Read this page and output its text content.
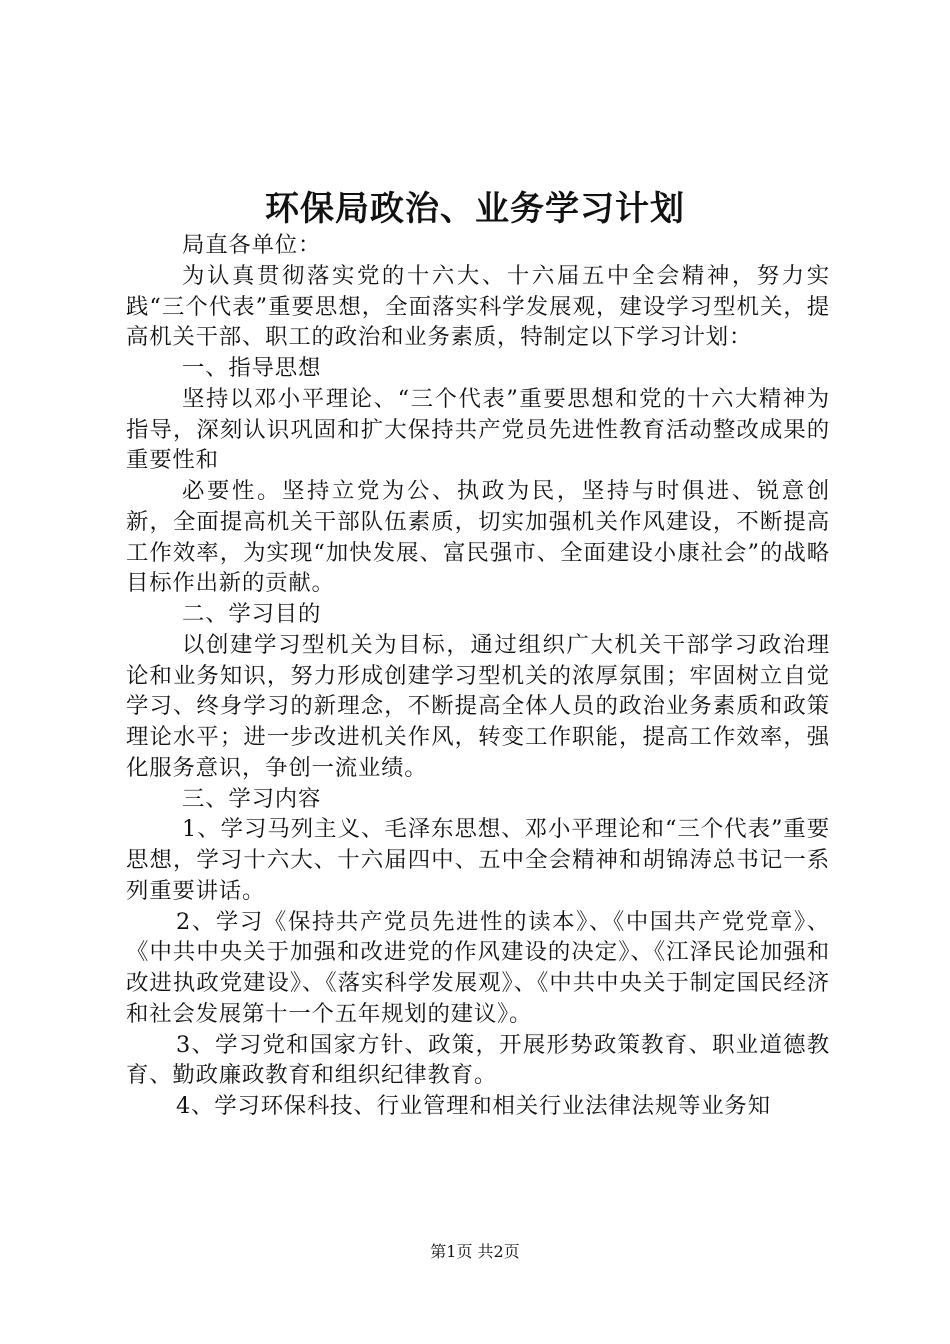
环保局政治、业务学习计划

局直各单位：

为认真贯彻落实党的十六大、十六届五中全会精神，努力实践“三个代表”重要思想，全面落实科学发展观，建设学习型机关，提高机关干部、职工的政治和业务素质，特制定以下学习计划：

一、指导思想

坚持以邓小平理论、“三个代表”重要思想和党的十六大精神为指导，深刻认识巩固和扩大保持共产党员先进性教育活动整改成果的重要性和

必要性。坚持立党为公、执政为民，坚持与时俱进、锐意创新，全面提高机关干部队伍素质，切实加强机关作风建设，不断提高工作效率，为实现“加快发展、富民强市、全面建设小康社会”的战略目标作出新的贡献。

二、学习目的

以创建学习型机关为目标，通过组织广大机关干部学习政治理论和业务知识，努力形成创建学习型机关的浓厚氛围；牢固树立自觉学习、终身学习的新理念，不断提高全体人员的政治业务素质和政策理论水平；进一步改进机关作风，转变工作职能，提高工作效率，强化服务意识，争创一流业绩。

三、学习内容

1、学习马列主义、毛泽东思想、邓小平理论和“三个代表”重要思想，学习十六大、十六届四中、五中全会精神和胡锦涛总书记一系列重要讲话。

2、学习《保持共产党员先进性的读本》、《中国共产党党章》、《中共中央关于加强和改进党的作风建设的决定》、《江泽民论加强和改进执政党建设》、《落实科学发展观》、《中共中央关于制定国民经济和社会发展第十一个五年规划的建议》。

3、学习党和国家方针、政策，开展形势政策教育、职业道德教育、勤政廉政教育和组织纪律教育。

4、学习环保科技、行业管理和相关行业法律法规等业务知

第1页 共2页
